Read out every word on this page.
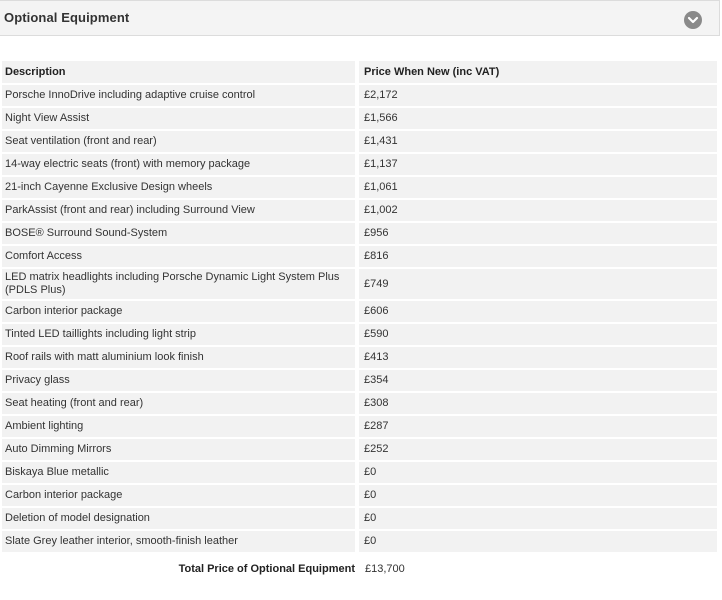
Optional Equipment
Description	Price When New (inc VAT)
Porsche InnoDrive including adaptive cruise control	£2,172
Night View Assist	£1,566
Seat ventilation (front and rear)	£1,431
14-way electric seats (front) with memory package	£1,137
21-inch Cayenne Exclusive Design wheels	£1,061
ParkAssist (front and rear) including Surround View	£1,002
BOSE® Surround Sound-System	£956
Comfort Access	£816
LED matrix headlights including Porsche Dynamic Light System Plus (PDLS Plus)	£749
Carbon interior package	£606
Tinted LED taillights including light strip	£590
Roof rails with matt aluminium look finish	£413
Privacy glass	£354
Seat heating (front and rear)	£308
Ambient lighting	£287
Auto Dimming Mirrors	£252
Biskaya Blue metallic	£0
Carbon interior package	£0
Deletion of model designation	£0
Slate Grey leather interior, smooth-finish leather	£0
Total Price of Optional Equipment £13,700
